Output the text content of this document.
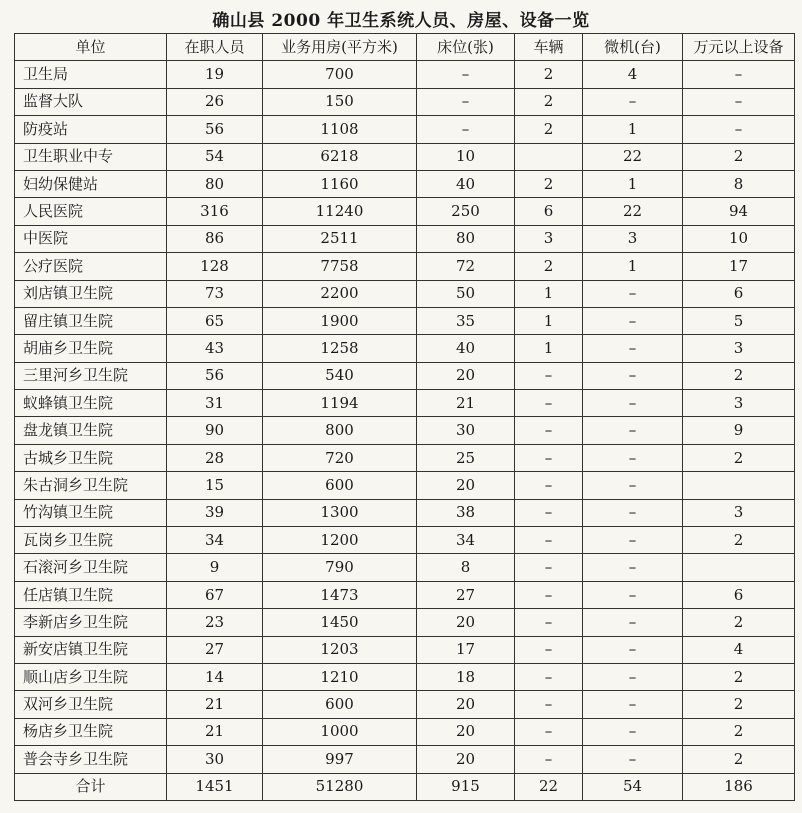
确山县 2000 年卫生系统人员、房屋、设备一览
单位	在职人员	业务用房(平方米)	床位(张)	车辆	微机(台)	万元以上设备
卫生局	19	700	–	2	4	–
监督大队	26	150	–	2	–	–
防疫站	56	1108	–	2	1	–
卫生职业中专	54	6218	10		22	2
妇幼保健站	80	1160	40	2	1	8
人民医院	316	11240	250	6	22	94
中医院	86	2511	80	3	3	10
公疗医院	128	7758	72	2	1	17
刘店镇卫生院	73	2200	50	1	–	6
留庄镇卫生院	65	1900	35	1	–	5
胡庙乡卫生院	43	1258	40	1	–	3
三里河乡卫生院	56	540	20	–	–	2
蚁蜂镇卫生院	31	1194	21	–	–	3
盘龙镇卫生院	90	800	30	–	–	9
古城乡卫生院	28	720	25	–	–	2
朱古洞乡卫生院	15	600	20	–	–	
竹沟镇卫生院	39	1300	38	–	–	3
瓦岗乡卫生院	34	1200	34	–	–	2
石滚河乡卫生院	9	790	8	–	–	
任店镇卫生院	67	1473	27	–	–	6
李新店乡卫生院	23	1450	20	–	–	2
新安店镇卫生院	27	1203	17	–	–	4
顺山店乡卫生院	14	1210	18	–	–	2
双河乡卫生院	21	600	20	–	–	2
杨店乡卫生院	21	1000	20	–	–	2
普会寺乡卫生院	30	997	20	–	–	2
合计	1451	51280	915	22	54	186
